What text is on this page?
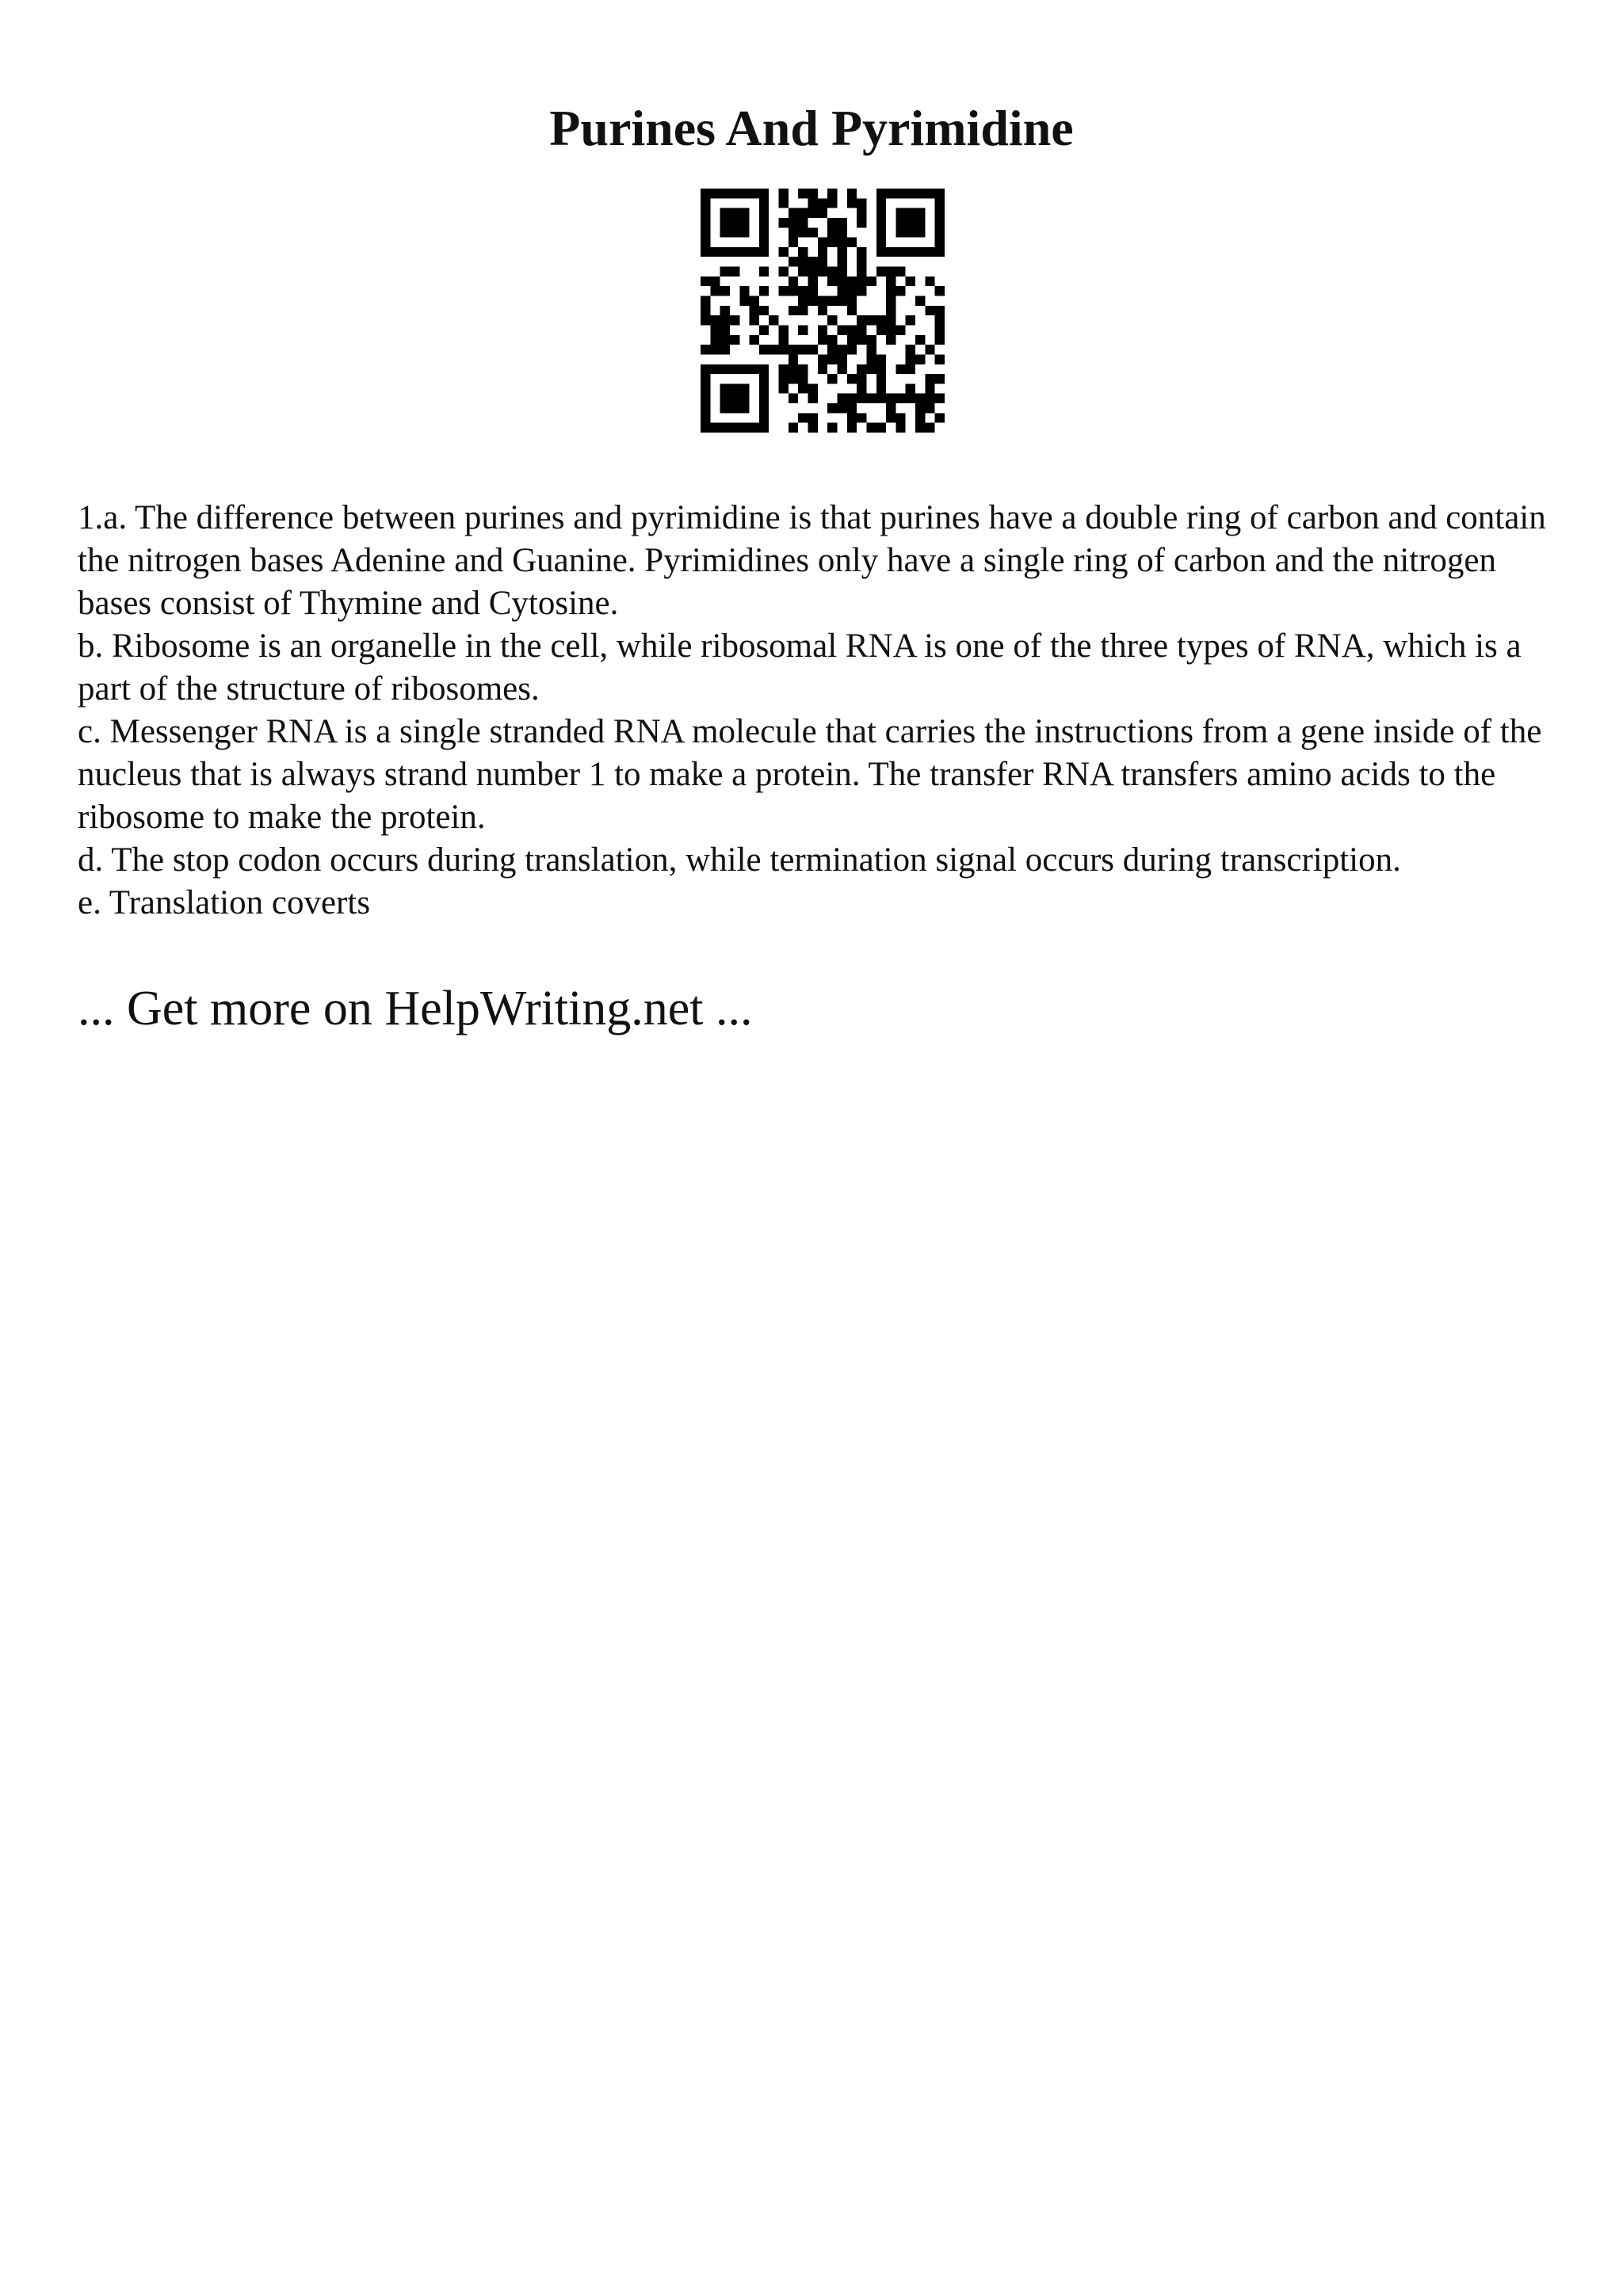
Purines And Pyrimidine

1.a. The difference between purines and pyrimidine is that purines have a double ring of carbon and contain the nitrogen bases Adenine and Guanine. Pyrimidines only have a single ring of carbon and the nitrogen bases consist of Thymine and Cytosine.

b. Ribosome is an organelle in the cell, while ribosomal RNA is one of the three types of RNA, which is a part of the structure of ribosomes.

c. Messenger RNA is a single stranded RNA molecule that carries the instructions from a gene inside of the nucleus that is always strand number 1 to make a protein. The transfer RNA transfers amino acids to the ribosome to make the protein.

d. The stop codon occurs during translation, while termination signal occurs during transcription.

e. Translation coverts

... Get more on HelpWriting.net ...
